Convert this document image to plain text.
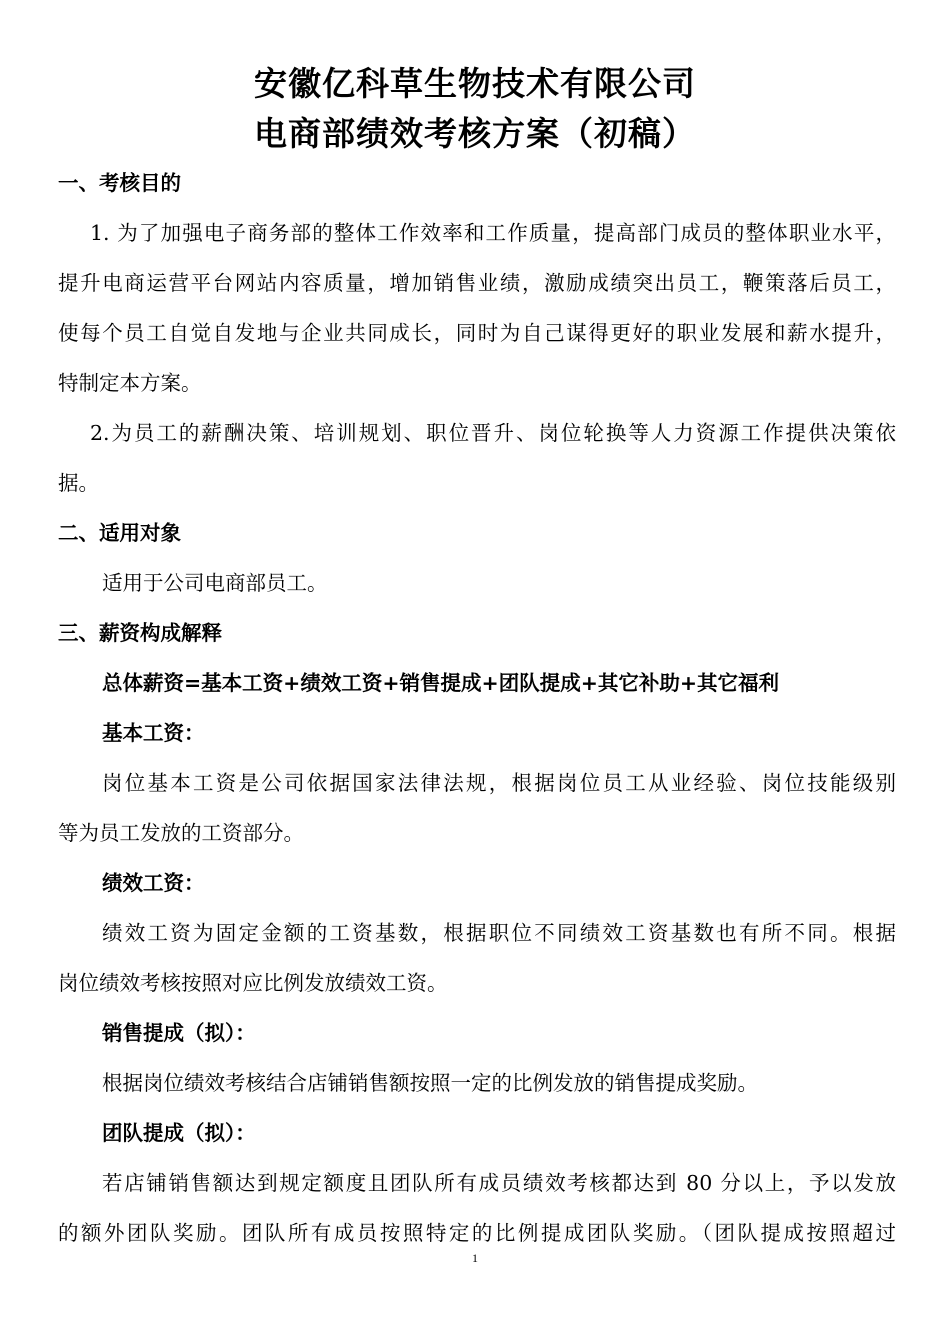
安徽亿科草生物技术有限公司
电商部绩效考核方案（初稿）
一、考核目的
1. 为了加强电子商务部的整体工作效率和工作质量，提高部门成员的整体职业水平，
提升电商运营平台网站内容质量，增加销售业绩，激励成绩突出员工，鞭策落后员工，
使每个员工自觉自发地与企业共同成长，同时为自己谋得更好的职业发展和薪水提升，
特制定本方案。
2.为员工的薪酬决策、培训规划、职位晋升、岗位轮换等人力资源工作提供决策依
据。
二、适用对象
适用于公司电商部员工。
三、薪资构成解释
总体薪资=基本工资+绩效工资+销售提成+团队提成+其它补助+其它福利
基本工资：
岗位基本工资是公司依据国家法律法规，根据岗位员工从业经验、岗位技能级别
等为员工发放的工资部分。
绩效工资：
绩效工资为固定金额的工资基数，根据职位不同绩效工资基数也有所不同。根据
岗位绩效考核按照对应比例发放绩效工资。
销售提成（拟）：
根据岗位绩效考核结合店铺销售额按照一定的比例发放的销售提成奖励。
团队提成（拟）：
若店铺销售额达到规定额度且团队所有成员绩效考核都达到 80 分以上，予以发放
的额外团队奖励。团队所有成员按照特定的比例提成团队奖励。（团队提成按照超过
1
